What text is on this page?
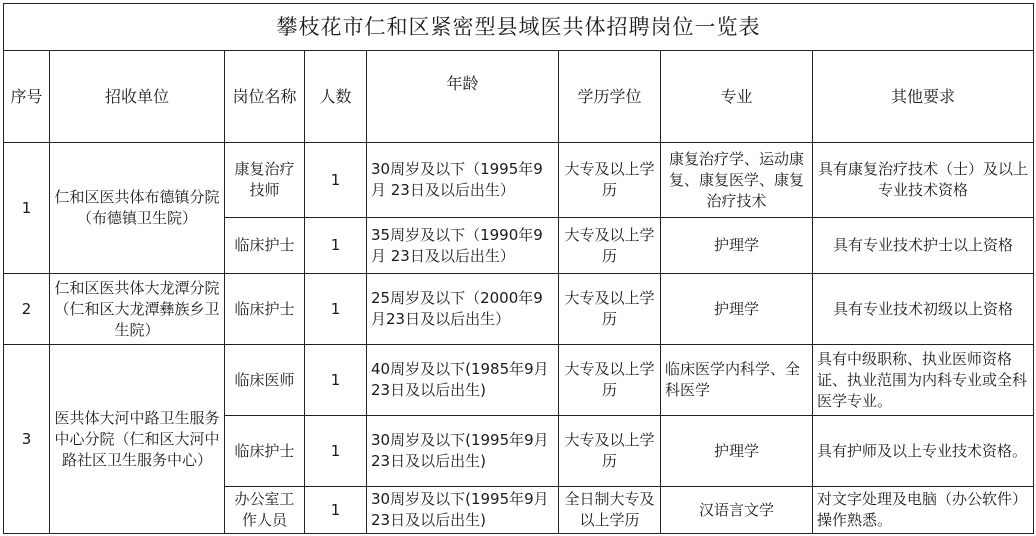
攀枝花市仁和区紧密型县域医共体招聘岗位一览表							
序号	招收单位	岗位名称	人数	年龄	学历学位	专业	其他要求
1	仁和区医共体布德镇分院（布德镇卫生院）	康复治疗技师	1	30周岁及以下（1995年9月 23日及以后出生）	大专及以上学历	康复治疗学、运动康复、康复医学、康复治疗技术	具有康复治疗技术（士）及以上专业技术资格
		临床护士	1	35周岁及以下（1990年9月 23日及以后出生）	大专及以上学历	护理学	具有专业技术护士以上资格
2	仁和区医共体大龙潭分院（仁和区大龙潭彝族乡卫生院）	临床护士	1	25周岁及以下（2000年9月23日及以后出生）	大专及以上学历	护理学	具有专业技术初级以上资格
3	医共体大河中路卫生服务中心分院（仁和区大河中路社区卫生服务中心）	临床医师	1	40周岁及以下(1985年9月23日及以后出生)	大专及以上学历	临床医学内科学、全科医学	具有中级职称、执业医师资格证、执业范围为内科专业或全科医学专业。
		临床护士	1	30周岁及以下(1995年9月23日及以后出生)	大专及以上学历	护理学	具有护师及以上专业技术资格。
		办公室工作人员	1	30周岁及以下(1995年9月23日及以后出生)	全日制大专及以上学历	汉语言文学	对文字处理及电脑（办公软件）操作熟悉。
